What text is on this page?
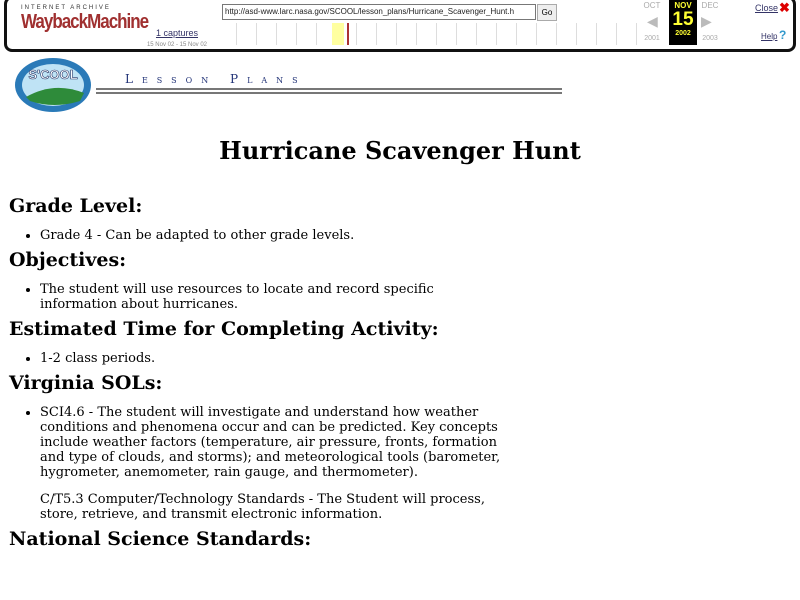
INTERNET ARCHIVE
WaybackMachine	http://asd-www.larc.nasa.gov/SCOOL/lesson_plans/Hurricane_Scavenger_Hunt.h	Go
1 captures
15 Nov 02 - 15 Nov 02
OCT
◀
2001
NOV
15
2002
▶
DEC
2003
Close ✖
Help ?
S'COOL	Lesson Plans
Hurricane Scavenger Hunt
Grade Level:
• Grade 4 - Can be adapted to other grade levels.
Objectives:
• The student will use resources to locate and record specific information about hurricanes.
Estimated Time for Completing Activity:
• 1-2 class periods.
Virginia SOLs:
• SCI4.6 - The student will investigate and understand how weather conditions and phenomena occur and can be predicted. Key concepts include weather factors (temperature, air pressure, fronts, formation and type of clouds, and storms); and meteorological tools (barometer, hygrometer, anemometer, rain gauge, and thermometer).

C/T5.3 Computer/Technology Standards - The Student will process, store, retrieve, and transmit electronic information.

National Science Standards:
